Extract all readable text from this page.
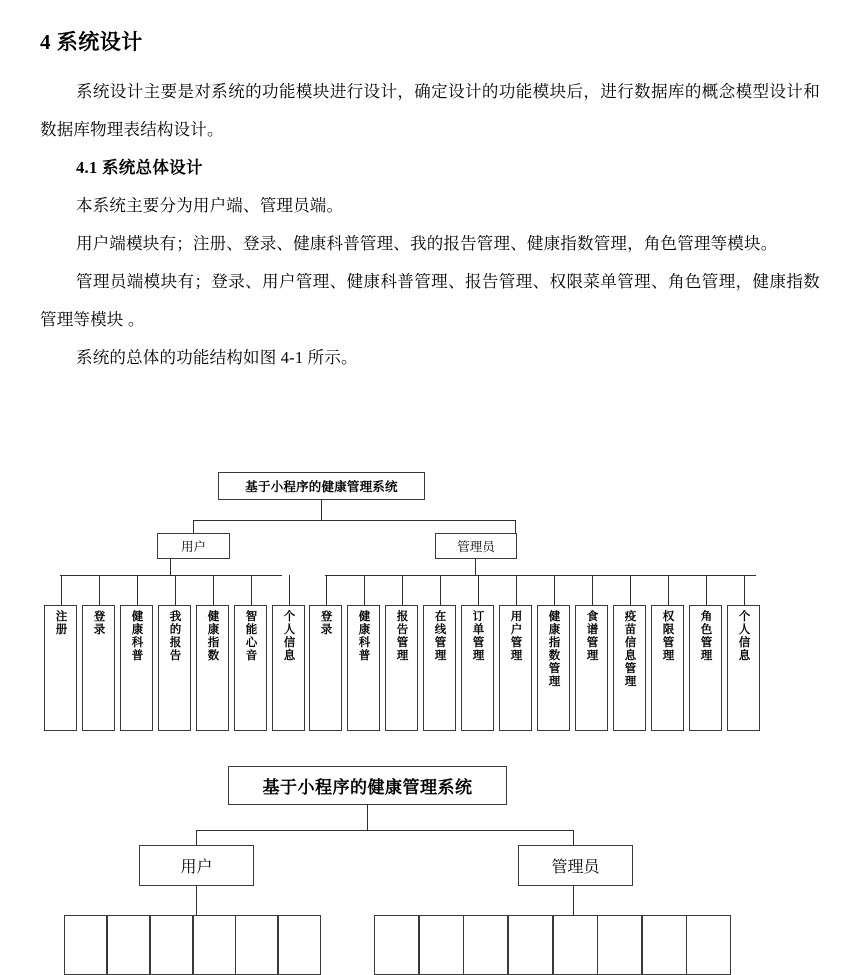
4 系统设计

系统设计主要是对系统的功能模块进行设计，确定设计的功能模块后，进行数据库的概念模型设计和数据库物理表结构设计。

4.1 系统总体设计

本系统主要分为用户端、管理员端。

用户端模块有；注册、登录、健康科普管理、我的报告管理、健康指数管理，角色管理等模块。

管理员端模块有；登录、用户管理、健康科普管理、报告管理、权限菜单管理、角色管理，健康指数管理等模块 。

系统的总体的功能结构如图 4-1 所示。

基于小程序的健康管理系统
用户	管理员
注册	登录	健康科普	我的报告	健康指数	智能心音	个人信息	登录	健康科普	报告管理	在线管理	订单管理	用户管理	健康指数管理	食谱管理	疫苗信息管理	权限管理	角色管理	个人信息
基于小程序的健康管理系统
用户	管理员
